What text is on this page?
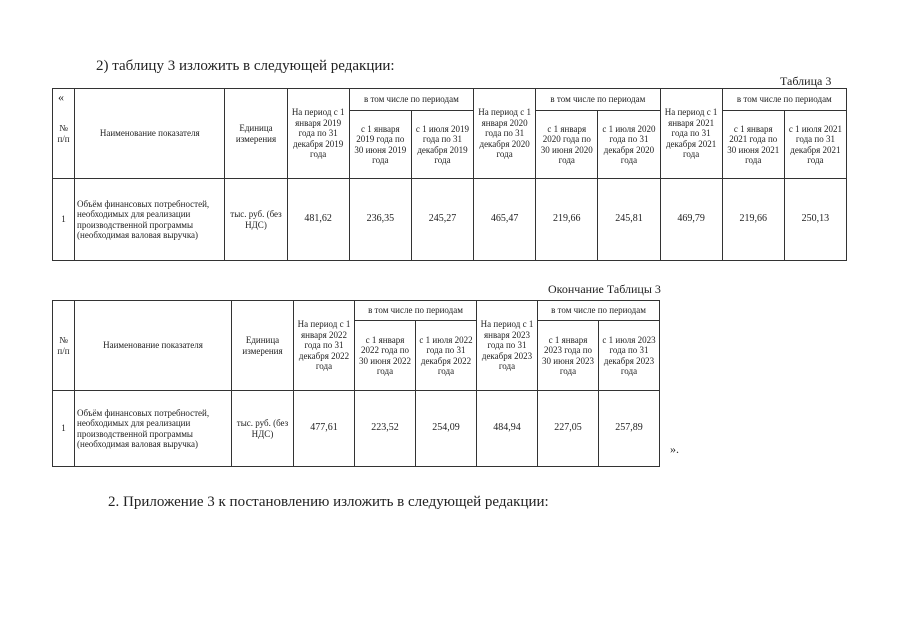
2) таблицу 3 изложить в следующей редакции:
Таблица 3
«
№ п/п	Наименование показателя	Единица измерения	На период с 1 января 2019 года по 31 декабря 2019 года	в том числе по периодам		На период с 1 января 2020 года по 31 декабря 2020 года	в том числе по периодам		На период с 1 января 2021 года по 31 декабря 2021 года	в том числе по периодам	
				с 1 января 2019 года по 30 июня 2019 года	с 1 июля 2019 года по 31 декабря 2019 года		с 1 января 2020 года по 30 июня 2020 года	с 1 июля 2020 года по 31 декабря 2020 года		с 1 января 2021 года по 30 июня 2021 года	с 1 июля 2021 года по 31 декабря 2021 года
1	Объём финансовых потребностей, необходимых для реализации производственной программы (необходимая валовая выручка)	тыс. руб. (без НДС)	481,62	236,35	245,27	465,47	219,66	245,81	469,79	219,66	250,13
Окончание Таблицы 3
№ п/п	Наименование показателя	Единица измерения	На период с 1 января 2022 года по 31 декабря 2022 года	в том числе по периодам		На период с 1 января 2023 года по 31 декабря 2023 года	в том числе по периодам	
				с 1 января 2022 года по 30 июня 2022 года	с 1 июля 2022 года по 31 декабря 2022 года		с 1 января 2023 года по 30 июня 2023 года	с 1 июля 2023 года по 31 декабря 2023 года
1	Объём финансовых потребностей, необходимых для реализации производственной программы (необходимая валовая выручка)	тыс. руб. (без НДС)	477,61	223,52	254,09	484,94	227,05	257,89
».
2. Приложение 3 к постановлению изложить в следующей редакции:
